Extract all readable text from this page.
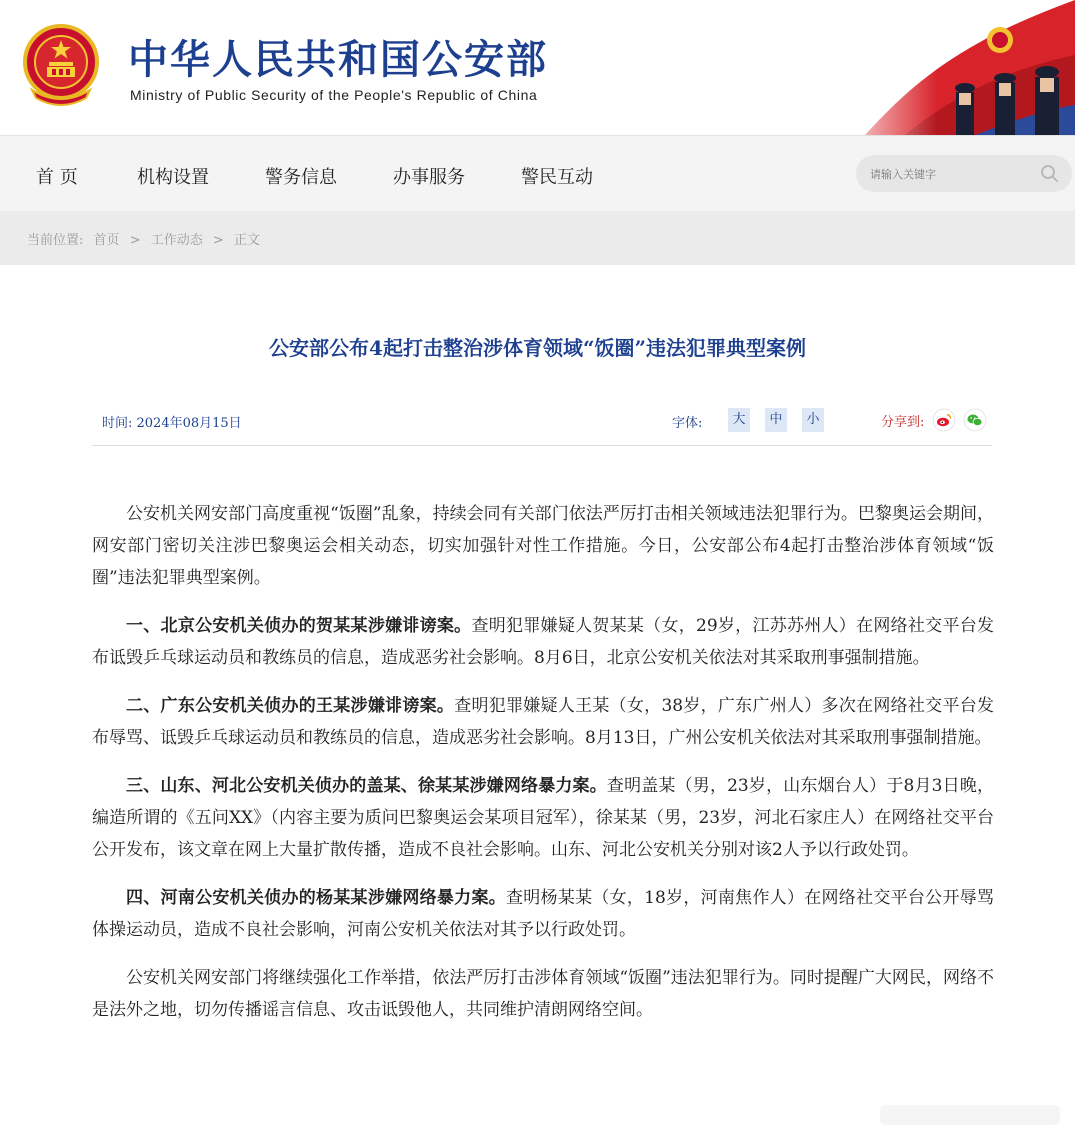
中华人民共和国公安部
Ministry of Public Security of the People's Republic of China
首 页	机构设置	警务信息	办事服务	警民互动
请输入关键字
当前位置: 首页 > 工作动态 > 正文
公安部公布4起打击整治涉体育领域“饭圈”违法犯罪典型案例
时间: 2024年08月15日	字体:	大	中	小	分享到:

公安机关网安部门高度重视“饭圈”乱象，持续会同有关部门依法严厉打击相关领域违法犯罪行为。巴黎奥运会期间，网安部门密切关注涉巴黎奥运会相关动态，切实加强针对性工作措施。今日，公安部公布4起打击整治涉体育领域“饭圈”违法犯罪典型案例。

一、北京公安机关侦办的贺某某涉嫌诽谤案。查明犯罪嫌疑人贺某某（女，29岁，江苏苏州人）在网络社交平台发布诋毁乒乓球运动员和教练员的信息，造成恶劣社会影响。8月6日，北京公安机关依法对其采取刑事强制措施。

二、广东公安机关侦办的王某涉嫌诽谤案。查明犯罪嫌疑人王某（女，38岁，广东广州人）多次在网络社交平台发布辱骂、诋毁乒乓球运动员和教练员的信息，造成恶劣社会影响。8月13日，广州公安机关依法对其采取刑事强制措施。

三、山东、河北公安机关侦办的盖某、徐某某涉嫌网络暴力案。查明盖某（男，23岁，山东烟台人）于8月3日晚，编造所谓的《五问XX》（内容主要为质问巴黎奥运会某项目冠军），徐某某（男，23岁，河北石家庄人）在网络社交平台公开发布，该文章在网上大量扩散传播，造成不良社会影响。山东、河北公安机关分别对该2人予以行政处罚。

四、河南公安机关侦办的杨某某涉嫌网络暴力案。查明杨某某（女，18岁，河南焦作人）在网络社交平台公开辱骂体操运动员，造成不良社会影响，河南公安机关依法对其予以行政处罚。

公安机关网安部门将继续强化工作举措，依法严厉打击涉体育领域“饭圈”违法犯罪行为。同时提醒广大网民，网络不是法外之地，切勿传播谣言信息、攻击诋毁他人，共同维护清朗网络空间。
